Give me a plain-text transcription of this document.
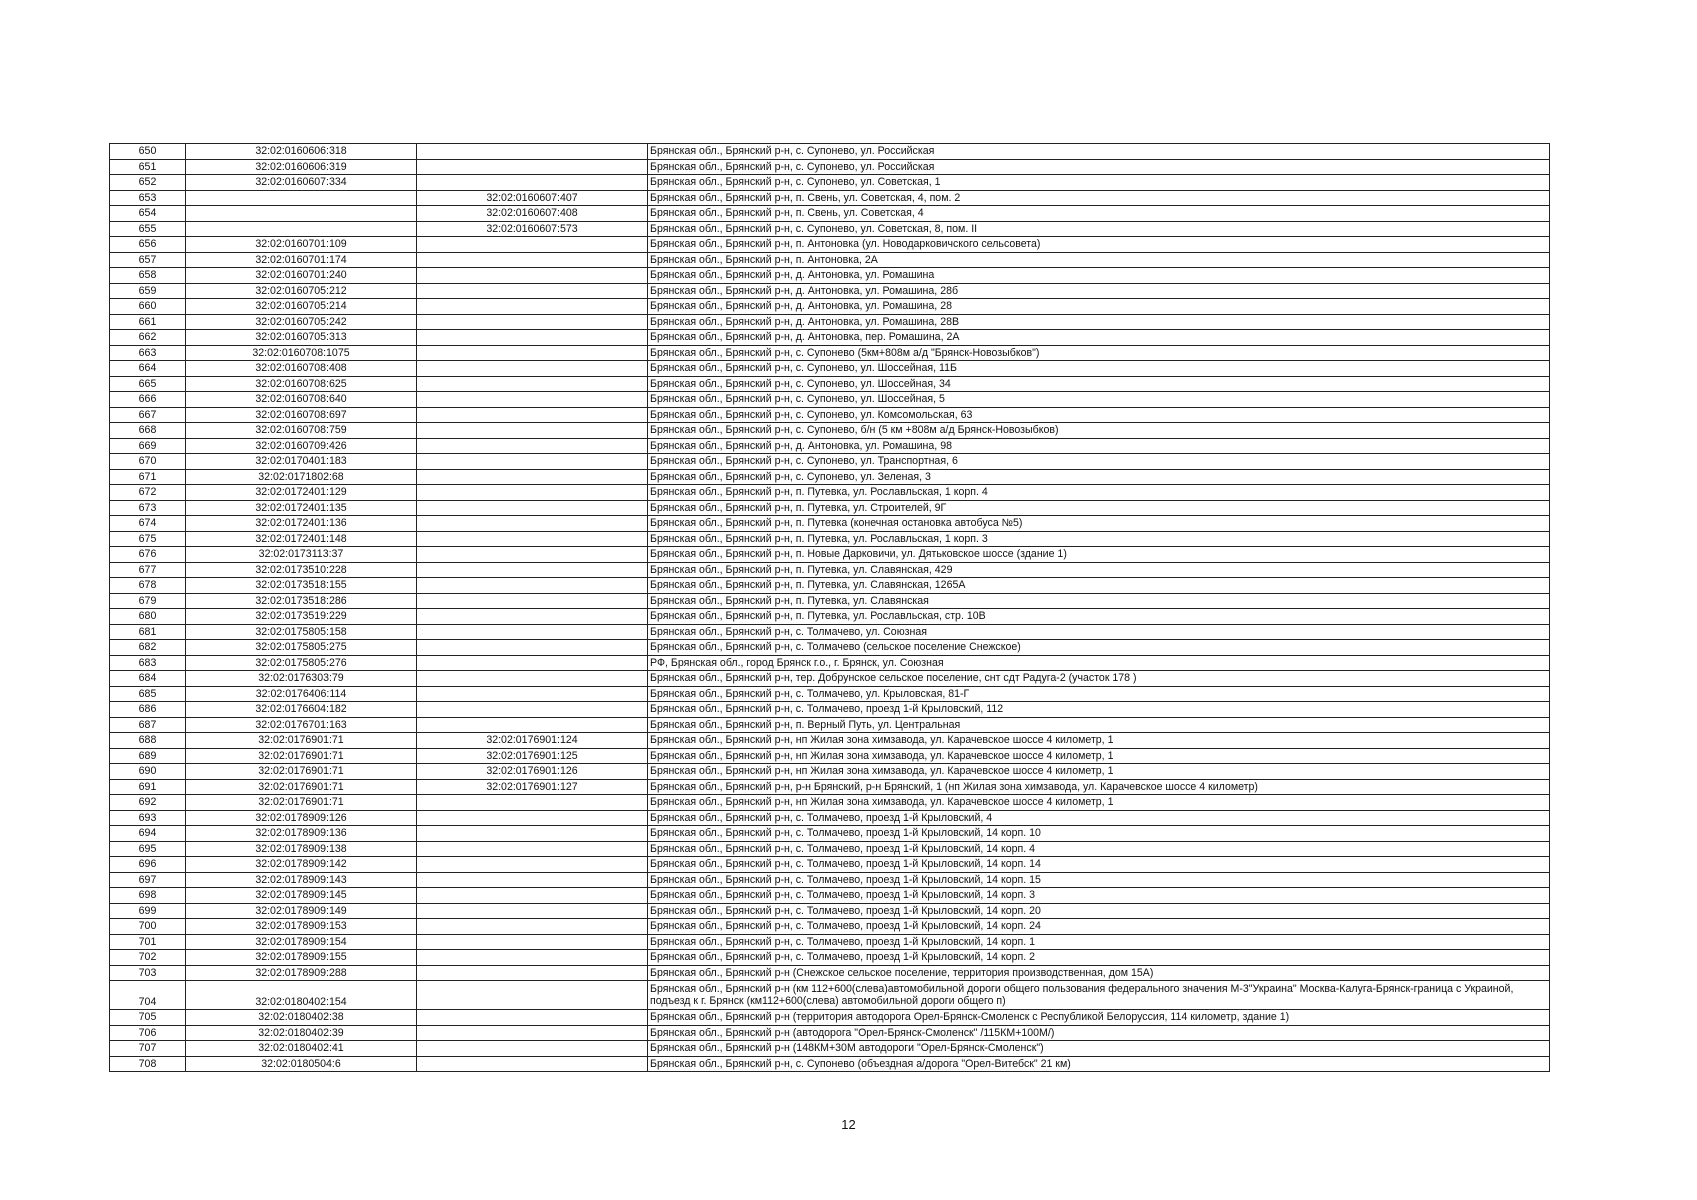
650	32:02:0160606:318		Брянская обл., Брянский р-н, с. Супонево, ул. Российская
651	32:02:0160606:319		Брянская обл., Брянский р-н, с. Супонево, ул. Российская
652	32:02:0160607:334		Брянская обл., Брянский р-н, с. Супонево, ул. Советская, 1
653		32:02:0160607:407	Брянская обл., Брянский р-н, п. Свень, ул. Советская, 4, пом. 2
654		32:02:0160607:408	Брянская обл., Брянский р-н, п. Свень, ул. Советская, 4
655		32:02:0160607:573	Брянская обл., Брянский р-н, с. Супонево, ул. Советская, 8, пом. II
656	32:02:0160701:109		Брянская обл., Брянский р-н, п. Антоновка (ул. Новодарковичского сельсовета)
657	32:02:0160701:174		Брянская обл., Брянский р-н, п. Антоновка, 2А
658	32:02:0160701:240		Брянская обл., Брянский р-н, д. Антоновка, ул. Ромашина
659	32:02:0160705:212		Брянская обл., Брянский р-н, д. Антоновка, ул. Ромашина, 28б
660	32:02:0160705:214		Брянская обл., Брянский р-н, д. Антоновка, ул. Ромашина, 28
661	32:02:0160705:242		Брянская обл., Брянский р-н, д. Антоновка, ул. Ромашина, 28В
662	32:02:0160705:313		Брянская обл., Брянский р-н, д. Антоновка, пер. Ромашина, 2А
663	32:02:0160708:1075		Брянская обл., Брянский р-н, с. Супонево (5км+808м а/д "Брянск-Новозыбков")
664	32:02:0160708:408		Брянская обл., Брянский р-н, с. Супонево, ул. Шоссейная, 11Б
665	32:02:0160708:625		Брянская обл., Брянский р-н, с. Супонево, ул. Шоссейная, 34
666	32:02:0160708:640		Брянская обл., Брянский р-н, с. Супонево, ул. Шоссейная, 5
667	32:02:0160708:697		Брянская обл., Брянский р-н, с. Супонево, ул. Комсомольская, 63
668	32:02:0160708:759		Брянская обл., Брянский р-н, с. Супонево, б/н (5 км +808м а/д Брянск-Новозыбков)
669	32:02:0160709:426		Брянская обл., Брянский р-н, д. Антоновка, ул. Ромашина, 98
670	32:02:0170401:183		Брянская обл., Брянский р-н, с. Супонево, ул. Транспортная, 6
671	32:02:0171802:68		Брянская обл., Брянский р-н, с. Супонево, ул. Зеленая, 3
672	32:02:0172401:129		Брянская обл., Брянский р-н, п. Путевка, ул. Рославльская, 1 корп. 4
673	32:02:0172401:135		Брянская обл., Брянский р-н, п. Путевка, ул. Строителей, 9Г
674	32:02:0172401:136		Брянская обл., Брянский р-н, п. Путевка (конечная остановка автобуса №5)
675	32:02:0172401:148		Брянская обл., Брянский р-н, п. Путевка, ул. Рославльская, 1 корп. 3
676	32:02:0173113:37		Брянская обл., Брянский р-н, п. Новые Дарковичи, ул. Дятьковское шоссе (здание 1)
677	32:02:0173510:228		Брянская обл., Брянский р-н, п. Путевка, ул. Славянская, 429
678	32:02:0173518:155		Брянская обл., Брянский р-н, п. Путевка, ул. Славянская, 1265А
679	32:02:0173518:286		Брянская обл., Брянский р-н, п. Путевка, ул. Славянская
680	32:02:0173519:229		Брянская обл., Брянский р-н, п. Путевка, ул. Рославльская, стр. 10В
681	32:02:0175805:158		Брянская обл., Брянский р-н, с. Толмачево, ул. Союзная
682	32:02:0175805:275		Брянская обл., Брянский р-н, с. Толмачево (сельское поселение Снежское)
683	32:02:0175805:276		РФ, Брянская обл., город Брянск г.о., г. Брянск, ул. Союзная
684	32:02:0176303:79		Брянская обл., Брянский р-н, тер. Добрунское сельское поселение, снт сдт Радуга-2 (участок 178 )
685	32:02:0176406:114		Брянская обл., Брянский р-н, с. Толмачево, ул. Крыловская, 81-Г
686	32:02:0176604:182		Брянская обл., Брянский р-н, с. Толмачево, проезд 1-й Крыловский, 112
687	32:02:0176701:163		Брянская обл., Брянский р-н, п. Верный Путь, ул. Центральная
688	32:02:0176901:71	32:02:0176901:124	Брянская обл., Брянский р-н, нп Жилая зона химзавода, ул. Карачевское шоссе 4 километр, 1
689	32:02:0176901:71	32:02:0176901:125	Брянская обл., Брянский р-н, нп Жилая зона химзавода, ул. Карачевское шоссе 4 километр, 1
690	32:02:0176901:71	32:02:0176901:126	Брянская обл., Брянский р-н, нп Жилая зона химзавода, ул. Карачевское шоссе 4 километр, 1
691	32:02:0176901:71	32:02:0176901:127	Брянская обл., Брянский р-н, р-н Брянский, р-н Брянский, 1 (нп Жилая зона химзавода, ул. Карачевское шоссе 4 километр)
692	32:02:0176901:71		Брянская обл., Брянский р-н, нп Жилая зона химзавода, ул. Карачевское шоссе 4 километр, 1
693	32:02:0178909:126		Брянская обл., Брянский р-н, с. Толмачево, проезд 1-й Крыловский, 4
694	32:02:0178909:136		Брянская обл., Брянский р-н, с. Толмачево, проезд 1-й Крыловский, 14 корп. 10
695	32:02:0178909:138		Брянская обл., Брянский р-н, с. Толмачево, проезд 1-й Крыловский, 14 корп. 4
696	32:02:0178909:142		Брянская обл., Брянский р-н, с. Толмачево, проезд 1-й Крыловский, 14 корп. 14
697	32:02:0178909:143		Брянская обл., Брянский р-н, с. Толмачево, проезд 1-й Крыловский, 14 корп. 15
698	32:02:0178909:145		Брянская обл., Брянский р-н, с. Толмачево, проезд 1-й Крыловский, 14 корп. 3
699	32:02:0178909:149		Брянская обл., Брянский р-н, с. Толмачево, проезд 1-й Крыловский, 14 корп. 20
700	32:02:0178909:153		Брянская обл., Брянский р-н, с. Толмачево, проезд 1-й Крыловский, 14 корп. 24
701	32:02:0178909:154		Брянская обл., Брянский р-н, с. Толмачево, проезд 1-й Крыловский, 14 корп. 1
702	32:02:0178909:155		Брянская обл., Брянский р-н, с. Толмачево, проезд 1-й Крыловский, 14 корп. 2
703	32:02:0178909:288		Брянская обл., Брянский р-н (Снежское сельское поселение, территория производственная, дом 15А)
704	32:02:0180402:154		Брянская обл., Брянский р-н (км 112+600(слева)автомобильной дороги общего пользования федерального значения М-3"Украина" Москва-Калуга-Брянск-граница с Украиной, подъезд к г. Брянск (км112+600(слева) автомобильной дороги общего п)
705	32:02:0180402:38		Брянская обл., Брянский р-н (территория автодорога Орел-Брянск-Смоленск с Республикой Белоруссия, 114 километр, здание 1)
706	32:02:0180402:39		Брянская обл., Брянский р-н (автодорога "Орел-Брянск-Смоленск" /115КМ+100М/)
707	32:02:0180402:41		Брянская обл., Брянский р-н (148КМ+30М автодороги "Орел-Брянск-Смоленск")
708	32:02:0180504:6		Брянская обл., Брянский р-н, с. Супонево (объездная а/дорога "Орел-Витебск" 21 км)
12
